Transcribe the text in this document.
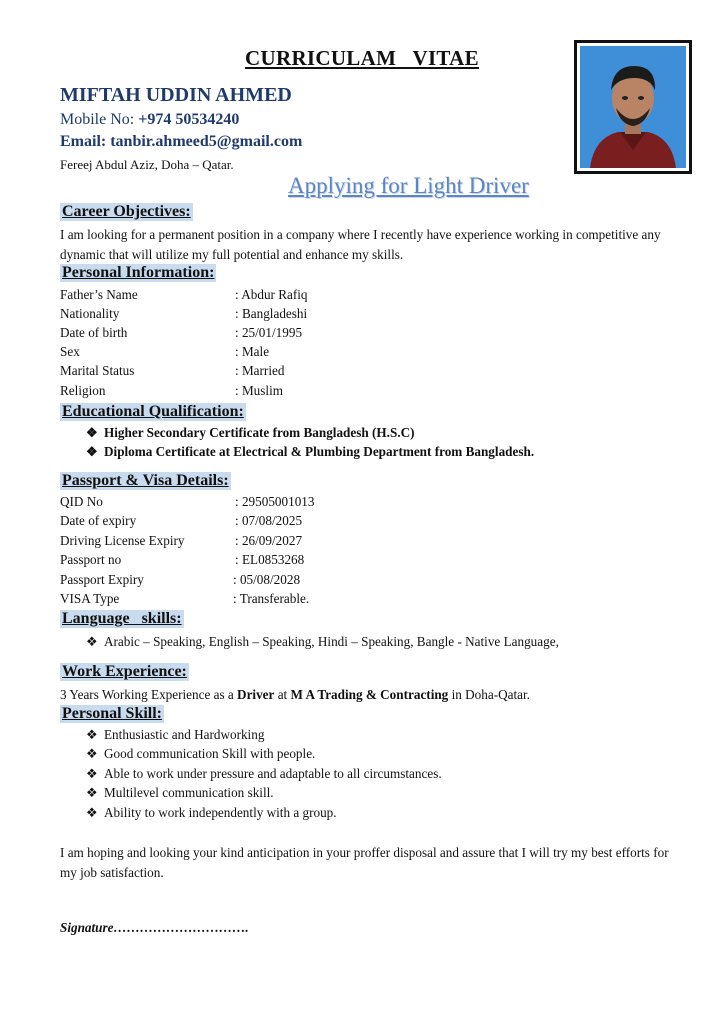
CURRICULAM   VITAE
MIFTAH UDDIN AHMED
Mobile No: +974 50534240
Email: tanbir.ahmeed5@gmail.com
Fereej Abdul Aziz, Doha – Qatar.
Applying for Light Driver
Career Objectives:
I am looking for a permanent position in a company where I recently have experience working in competitive any dynamic that will utilize my full potential and enhance my skills.
Personal Information:
Father’s Name	: Abdur Rafiq
Nationality	: Bangladeshi
Date of birth	: 25/01/1995
Sex	: Male
Marital Status	: Married
Religion	: Muslim
Educational Qualification:
❖ Higher Secondary Certificate from Bangladesh (H.S.C)
❖ Diploma Certificate at Electrical & Plumbing Department from Bangladesh.
Passport & Visa Details:
QID No	: 29505001013
Date of expiry	: 07/08/2025
Driving License Expiry	: 26/09/2027
Passport no	: EL0853268
Passport Expiry	: 05/08/2028
VISA Type	: Transferable.
Language   skills:
❖ Arabic – Speaking, English – Speaking, Hindi – Speaking, Bangle - Native Language,
Work Experience:
3 Years Working Experience as a Driver at M A Trading & Contracting in Doha-Qatar.
Personal Skill:
❖ Enthusiastic and Hardworking
❖ Good communication Skill with people.
❖ Able to work under pressure and adaptable to all circumstances.
❖ Multilevel communication skill.
❖ Ability to work independently with a group.
I am hoping and looking your kind anticipation in your proffer disposal and assure that I will try my best efforts for my job satisfaction.
Signature………………………….
